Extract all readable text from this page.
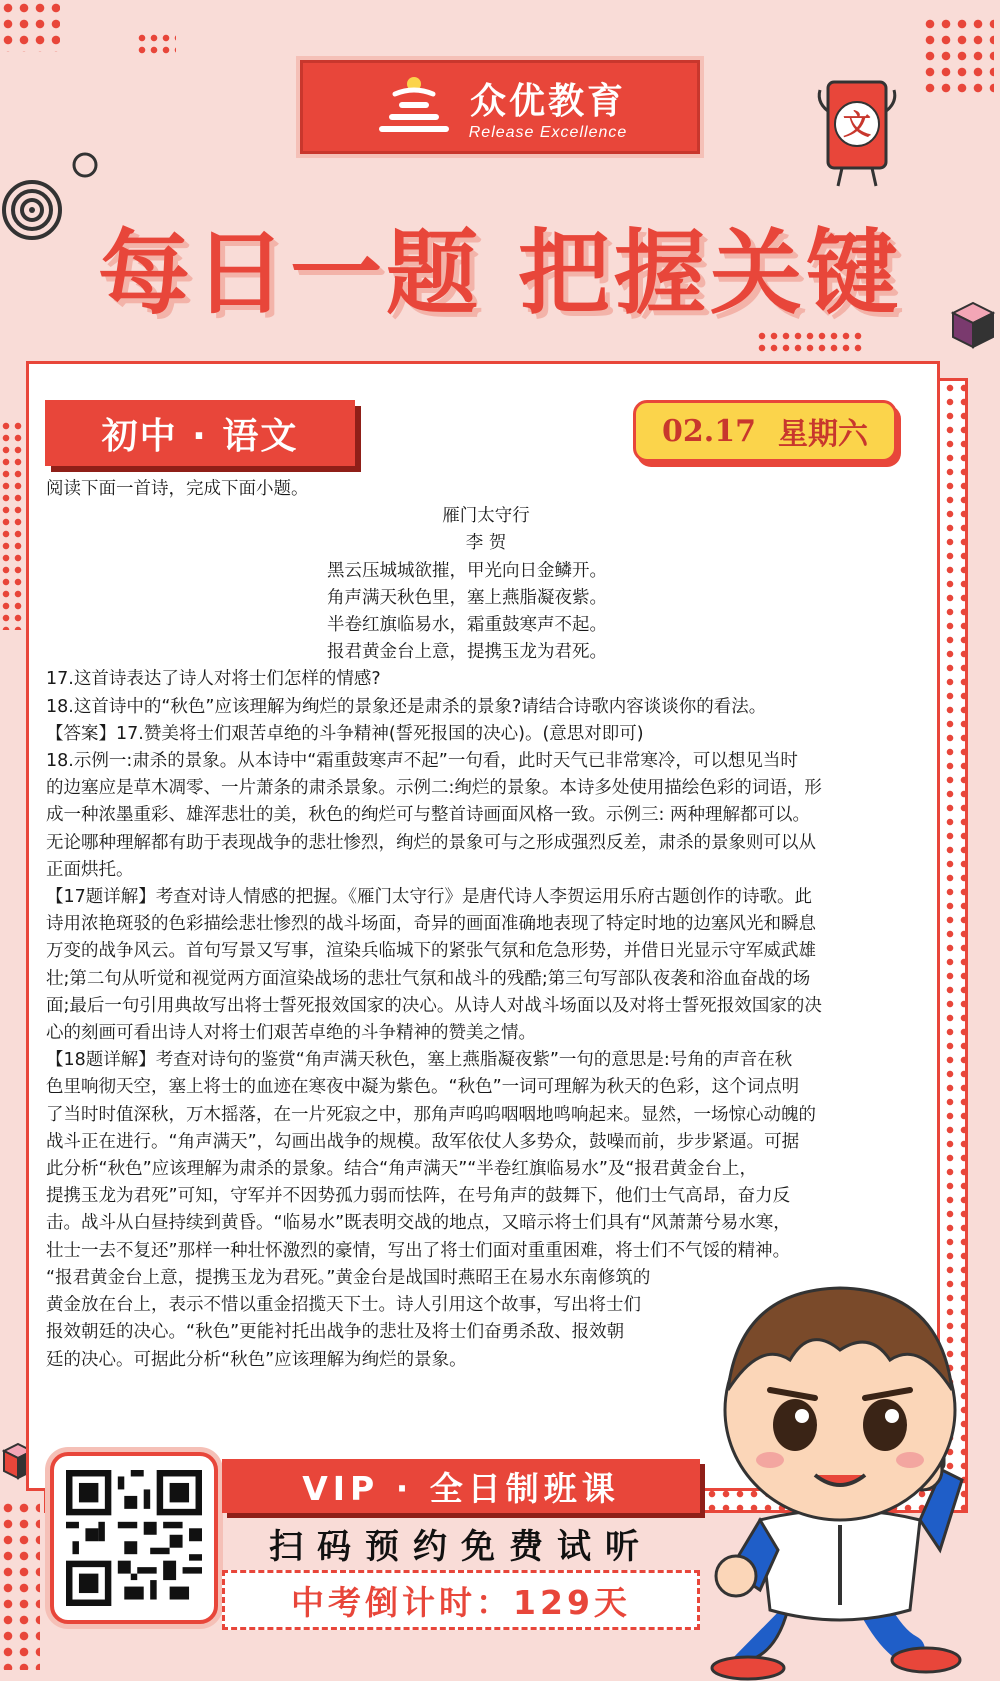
众优教育
Release Excellence	文
每日一题 把握关键
初中 · 语文	02.17 星期六

阅读下面一首诗，完成下面小题。

雁门太守行

李 贺

黑云压城城欲摧，甲光向日金鳞开。

角声满天秋色里，塞上燕脂凝夜紫。

半卷红旗临易水，霜重鼓寒声不起。

报君黄金台上意，提携玉龙为君死。

17.这首诗表达了诗人对将士们怎样的情感?

18.这首诗中的“秋色”应该理解为绚烂的景象还是肃杀的景象?请结合诗歌内容谈谈你的看法。

【答案】17.赞美将士们艰苦卓绝的斗争精神(誓死报国的决心)。(意思对即可)

18.示例一:肃杀的景象。从本诗中“霜重鼓寒声不起”一句看，此时天气已非常寒冷，可以想见当时

的边塞应是草木凋零、一片萧条的肃杀景象。示例二:绚烂的景象。本诗多处使用描绘色彩的词语，形

成一种浓墨重彩、雄浑悲壮的美，秋色的绚烂可与整首诗画面风格一致。示例三: 两种理解都可以。

无论哪种理解都有助于表现战争的悲壮惨烈，绚烂的景象可与之形成强烈反差，肃杀的景象则可以从

正面烘托。

【17题详解】考查对诗人情感的把握。《雁门太守行》是唐代诗人李贺运用乐府古题创作的诗歌。此

诗用浓艳斑驳的色彩描绘悲壮惨烈的战斗场面，奇异的画面准确地表现了特定时地的边塞风光和瞬息

万变的战争风云。首句写景又写事，渲染兵临城下的紧张气氛和危急形势，并借日光显示守军威武雄

壮;第二句从听觉和视觉两方面渲染战场的悲壮气氛和战斗的残酷;第三句写部队夜袭和浴血奋战的场

面;最后一句引用典故写出将士誓死报效国家的决心。从诗人对战斗场面以及对将士誓死报效国家的决

心的刻画可看出诗人对将士们艰苦卓绝的斗争精神的赞美之情。

【18题详解】考查对诗句的鉴赏“角声满天秋色，塞上燕脂凝夜紫”一句的意思是:号角的声音在秋

色里响彻天空，塞上将士的血迹在寒夜中凝为紫色。“秋色”一词可理解为秋天的色彩，这个词点明

了当时时值深秋，万木摇落，在一片死寂之中，那角声呜呜咽咽地鸣响起来。显然，一场惊心动魄的

战斗正在进行。“角声满天”，勾画出战争的规模。敌军依仗人多势众，鼓噪而前，步步紧逼。可据

此分析“秋色”应该理解为肃杀的景象。结合“角声满天”“半卷红旗临易水”及“报君黄金台上，

提携玉龙为君死”可知，守军并不因势孤力弱而怯阵，在号角声的鼓舞下，他们士气高昂，奋力反

击。战斗从白昼持续到黄昏。“临易水”既表明交战的地点，又暗示将士们具有“风萧萧兮易水寒，

壮士一去不复还”那样一种壮怀激烈的豪情，写出了将士们面对重重困难，将士们不气馁的精神。

“报君黄金台上意，提携玉龙为君死。”黄金台是战国时燕昭王在易水东南修筑的

黄金放在台上，表示不惜以重金招揽天下士。诗人引用这个故事，写出将士们

报效朝廷的决心。“秋色”更能衬托出战争的悲壮及将士们奋勇杀敌、报效朝

廷的决心。可据此分析“秋色”应该理解为绚烂的景象。

VIP · 全日制班课
扫码预约免费试听
中考倒计时：129天
